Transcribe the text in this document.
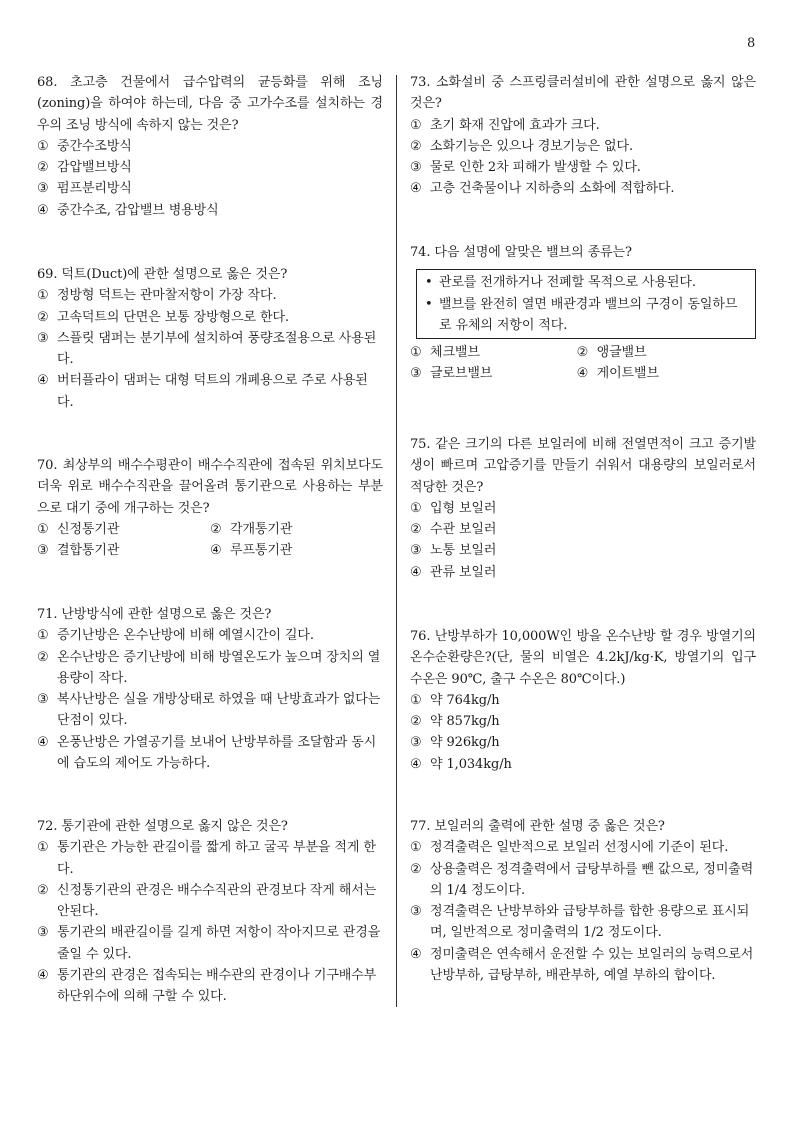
8
68. 초고층 건물에서 급수압력의 균등화를 위해 조닝(zoning)을 하여야 하는데, 다음 중 고가수조를 설치하는 경우의 조닝 방식에 속하지 않는 것은?
① 중간수조방식
② 감압밸브방식
③ 펌프분리방식
④ 중간수조, 감압밸브 병용방식
69. 덕트(Duct)에 관한 설명으로 옳은 것은?
① 정방형 덕트는 관마찰저항이 가장 작다.
② 고속덕트의 단면은 보통 장방형으로 한다.
③ 스플릿 댐퍼는 분기부에 설치하여 풍량조절용으로 사용된다.
④ 버터플라이 댐퍼는 대형 덕트의 개폐용으로 주로 사용된다.
70. 최상부의 배수수평관이 배수수직관에 접속된 위치보다도 더욱 위로 배수수직관을 끌어올려 통기관으로 사용하는 부분으로 대기 중에 개구하는 것은?
① 신정통기관	② 각개통기관
③ 결합통기관	④ 루프통기관
71. 난방방식에 관한 설명으로 옳은 것은?
① 증기난방은 온수난방에 비해 예열시간이 길다.
② 온수난방은 증기난방에 비해 방열온도가 높으며 장치의 열용량이 작다.
③ 복사난방은 실을 개방상태로 하였을 때 난방효과가 없다는 단점이 있다.
④ 온풍난방은 가열공기를 보내어 난방부하를 조달함과 동시에 습도의 제어도 가능하다.
72. 통기관에 관한 설명으로 옳지 않은 것은?
① 통기관은 가능한 관길이를 짧게 하고 굴곡 부분을 적게 한다.
② 신정통기관의 관경은 배수수직관의 관경보다 작게 해서는 안된다.
③ 통기관의 배관길이를 길게 하면 저항이 작아지므로 관경을 줄일 수 있다.
④ 통기관의 관경은 접속되는 배수관의 관경이나 기구배수부하단위수에 의해 구할 수 있다.
73. 소화설비 중 스프링클러설비에 관한 설명으로 옳지 않은 것은?
① 초기 화재 진압에 효과가 크다.
② 소화기능은 있으나 경보기능은 없다.
③ 물로 인한 2차 피해가 발생할 수 있다.
④ 고층 건축물이나 지하층의 소화에 적합하다.
74. 다음 설명에 알맞은 밸브의 종류는?
• 관로를 전개하거나 전폐할 목적으로 사용된다.
• 밸브를 완전히 열면 배관경과 밸브의 구경이 동일하므로 유체의 저항이 적다.
① 체크밸브	② 앵글밸브
③ 글로브밸브	④ 게이트밸브
75. 같은 크기의 다른 보일러에 비해 전열면적이 크고 증기발생이 빠르며 고압증기를 만들기 쉬워서 대용량의 보일러로서 적당한 것은?
① 입형 보일러
② 수관 보일러
③ 노통 보일러
④ 관류 보일러
76. 난방부하가 10,000W인 방을 온수난방 할 경우 방열기의 온수순환량은?(단, 물의 비열은 4.2kJ/kg·K, 방열기의 입구 수온은 90℃, 출구 수온은 80℃이다.)
① 약 764kg/h
② 약 857kg/h
③ 약 926kg/h
④ 약 1,034kg/h
77. 보일러의 출력에 관한 설명 중 옳은 것은?
① 정격출력은 일반적으로 보일러 선정시에 기준이 된다.
② 상용출력은 정격출력에서 급탕부하를 뺀 값으로, 정미출력의 1/4 정도이다.
③ 정격출력은 난방부하와 급탕부하를 합한 용량으로 표시되며, 일반적으로 정미출력의 1/2 정도이다.
④ 정미출력은 연속해서 운전할 수 있는 보일러의 능력으로서 난방부하, 급탕부하, 배관부하, 예열 부하의 합이다.
